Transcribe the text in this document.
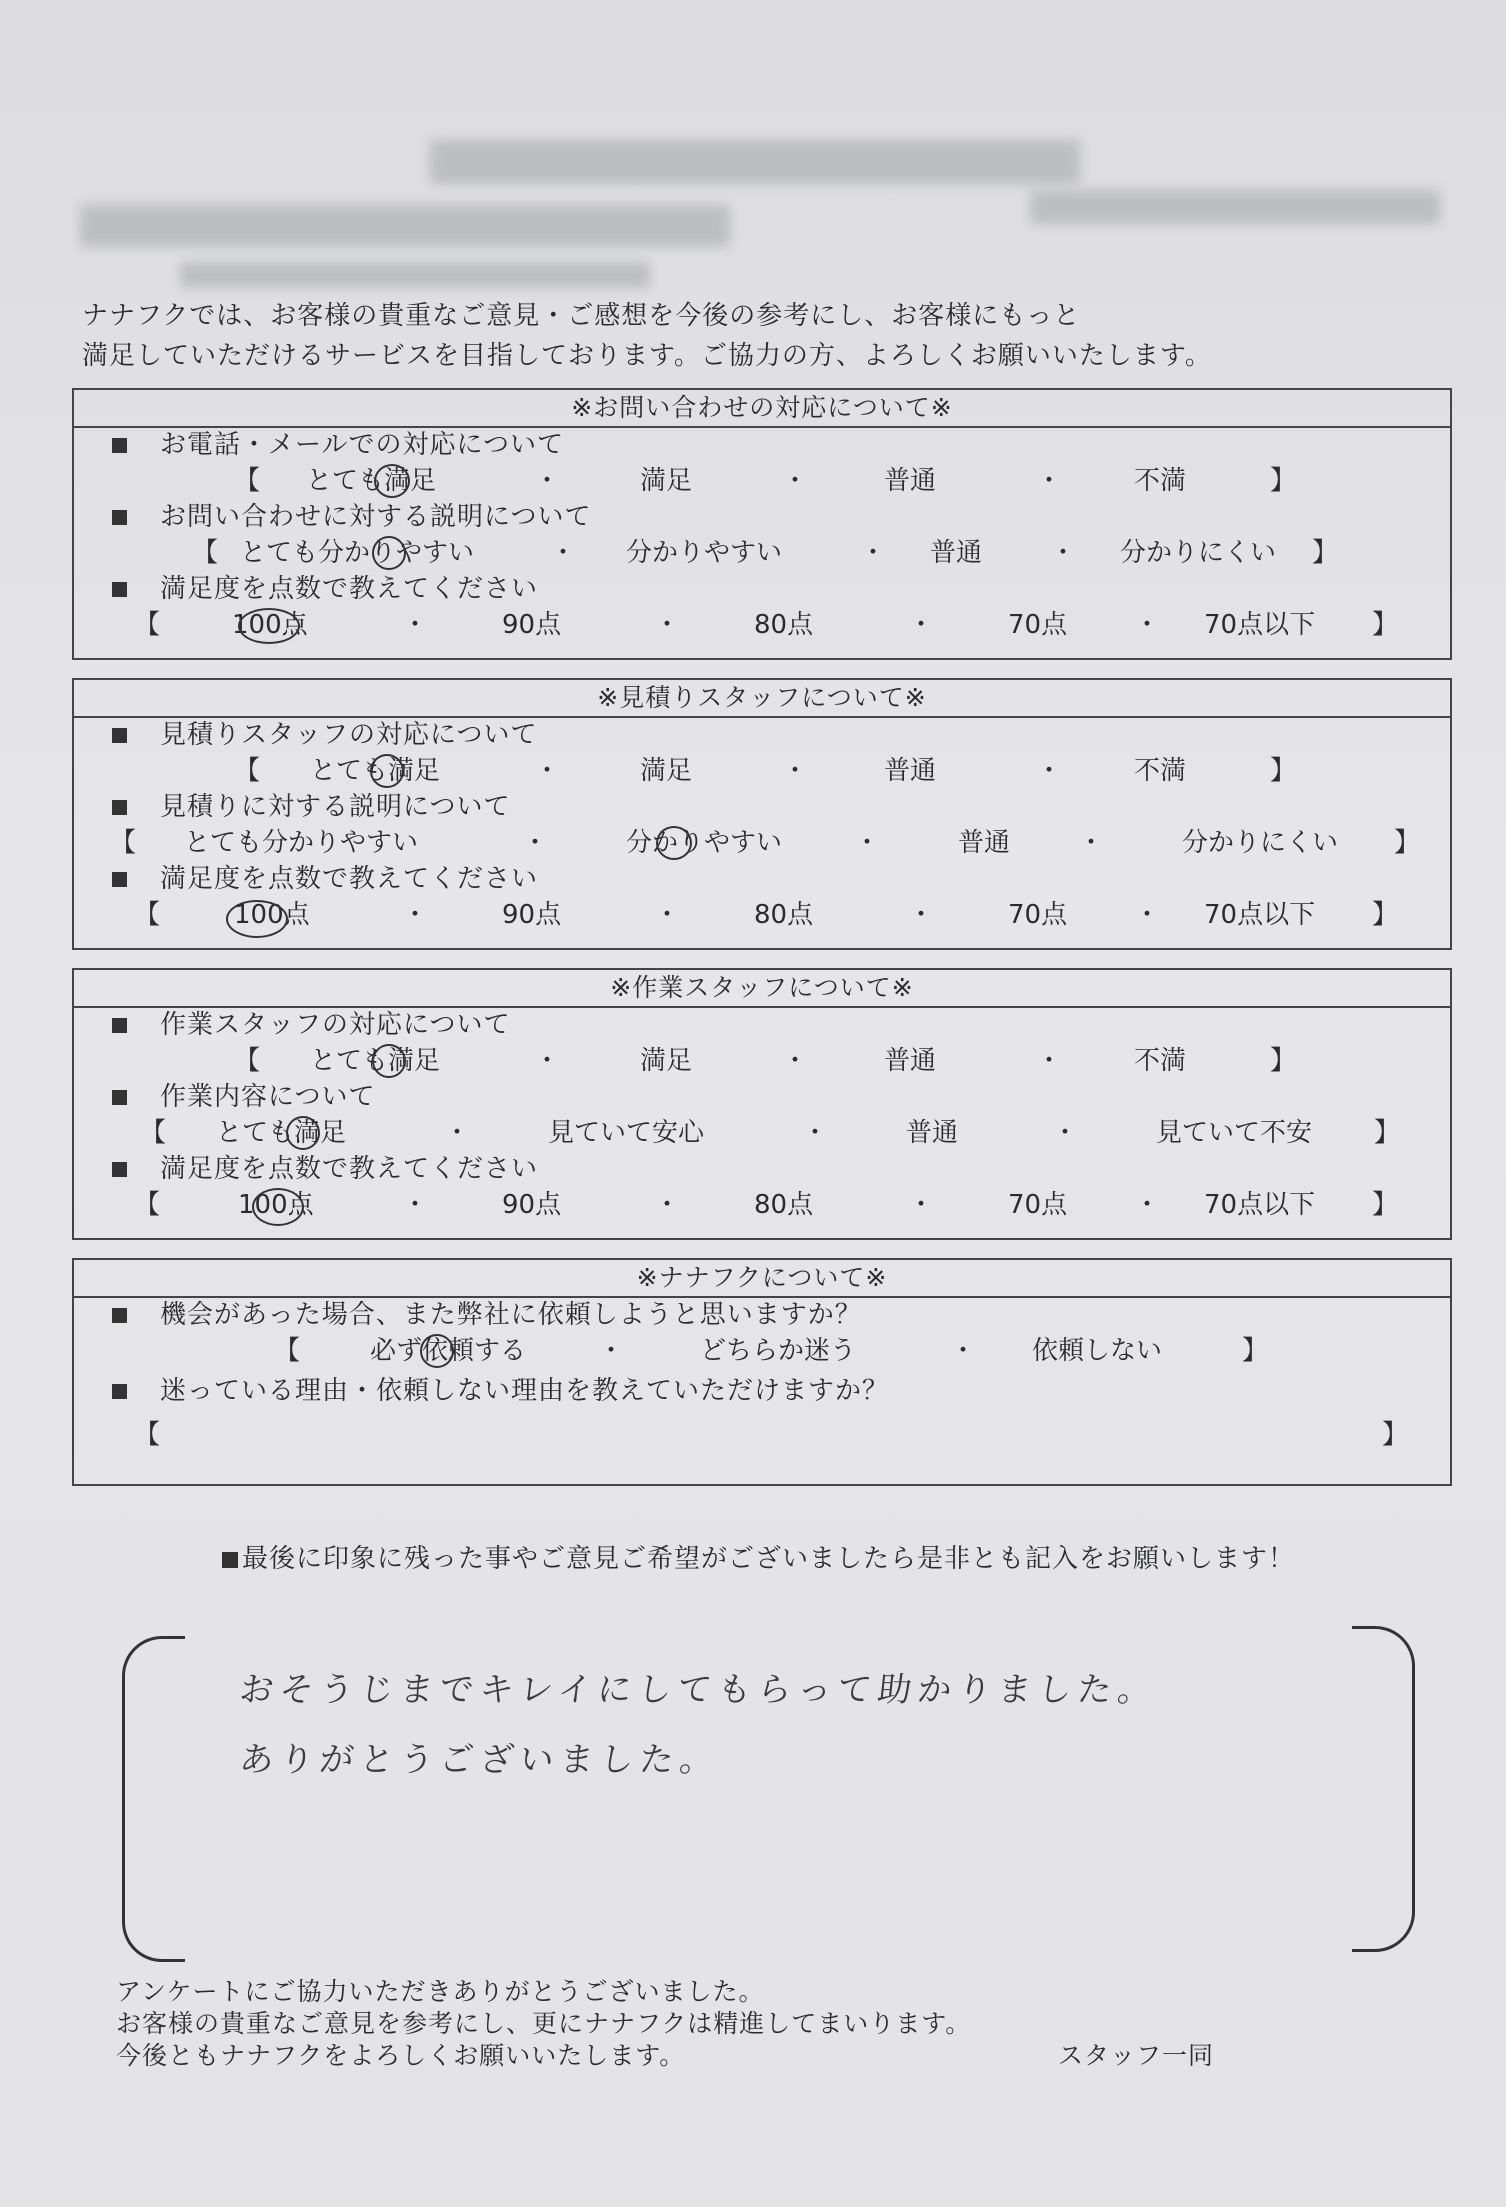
ナナフクでは、お客様の貴重なご意見・ご感想を今後の参考にし、お客様にもっと
満足していただけるサービスを目指しております。ご協力の方、よろしくお願いいたします。
※お問い合わせの対応について※
お電話・メールでの対応について
【 とても満足	・	満足	・	普通	・	不満	】
お問い合わせに対する説明について
【 とても分かりやすい	・ 分かりやすい	・ 普通	・ 分かりにくい 】
満足度を点数で教えてください
【	100点	・	90点	・	80点	・	70点	・ 70点以下 】
※見積りスタッフについて※
見積りスタッフの対応について
【 とても満足	・	満足	・	普通	・	不満	】
見積りに対する説明について
【 とても分かりやすい	・	分かりやすい	・	普通	・	分かりにくい 】
満足度を点数で教えてください
【	100点	・	90点	・	80点	・	70点	・ 70点以下 】
※作業スタッフについて※
作業スタッフの対応について
【 とても満足	・	満足	・	普通	・	不満	】
作業内容について
【 とても満足	・	見ていて安心	・	普通	・	見ていて不安 】
満足度を点数で教えてください
【	100点	・	90点	・	80点	・	70点	・ 70点以下 】
※ナナフクについて※
機会があった場合、また弊社に依頼しようと思いますか？
【	必ず依頼する	・	どちらか迷う	・ 依頼しない	】
迷っている理由・依頼しない理由を教えていただけますか？
【	】
最後に印象に残った事やご意見ご希望がございましたら是非とも記入をお願いします！
おそうじまでキレイにしてもらって助かりました。
ありがとうございました。
アンケートにご協力いただきありがとうございました。
お客様の貴重なご意見を参考にし、更にナナフクは精進してまいります。
今後ともナナフクをよろしくお願いいたします。	スタッフ一同
